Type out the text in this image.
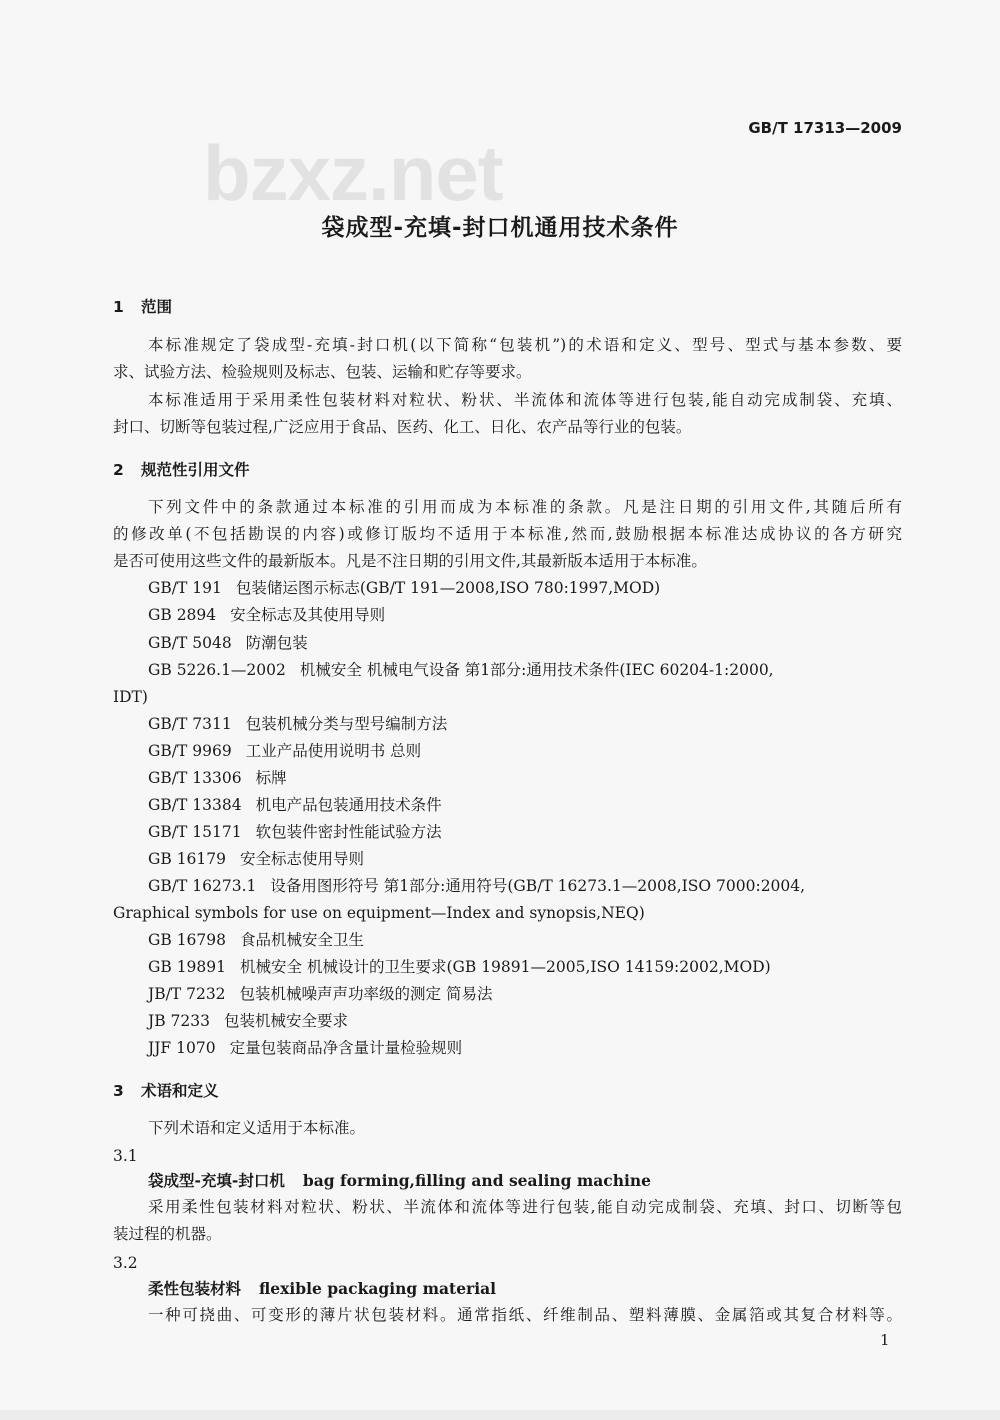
bzxz.net
GB/T 17313—2009
袋成型-充填-封口机通用技术条件
1 范围
本标准规定了袋成型-充填-封口机(以下简称“包装机”)的术语和定义、型号、型式与基本参数、要
求、试验方法、检验规则及标志、包装、运输和贮存等要求。
本标准适用于采用柔性包装材料对粒状、粉状、半流体和流体等进行包装,能自动完成制袋、充填、
封口、切断等包装过程,广泛应用于食品、医药、化工、日化、农产品等行业的包装。
2 规范性引用文件
下列文件中的条款通过本标准的引用而成为本标准的条款。凡是注日期的引用文件,其随后所有
的修改单(不包括勘误的内容)或修订版均不适用于本标准,然而,鼓励根据本标准达成协议的各方研究
是否可使用这些文件的最新版本。凡是不注日期的引用文件,其最新版本适用于本标准。
GB/T 191 包装储运图示标志(GB/T 191—2008,ISO 780:1997,MOD)
GB 2894 安全标志及其使用导则
GB/T 5048 防潮包装
GB 5226.1—2002 机械安全 机械电气设备 第1部分:通用技术条件(IEC 60204-1:2000,
IDT)
GB/T 7311 包装机械分类与型号编制方法
GB/T 9969 工业产品使用说明书 总则
GB/T 13306 标牌
GB/T 13384 机电产品包装通用技术条件
GB/T 15171 软包装件密封性能试验方法
GB 16179 安全标志使用导则
GB/T 16273.1 设备用图形符号 第1部分:通用符号(GB/T 16273.1—2008,ISO 7000:2004,
Graphical symbols for use on equipment—Index and synopsis,NEQ)
GB 16798 食品机械安全卫生
GB 19891 机械安全 机械设计的卫生要求(GB 19891—2005,ISO 14159:2002,MOD)
JB/T 7232 包装机械噪声声功率级的测定 简易法
JB 7233 包装机械安全要求
JJF 1070 定量包装商品净含量计量检验规则
3 术语和定义
下列术语和定义适用于本标准。
3.1
袋成型-充填-封口机 bag forming,filling and sealing machine
采用柔性包装材料对粒状、粉状、半流体和流体等进行包装,能自动完成制袋、充填、封口、切断等包
装过程的机器。
3.2
柔性包装材料 flexible packaging material
一种可挠曲、可变形的薄片状包装材料。通常指纸、纤维制品、塑料薄膜、金属箔或其复合材料等。
1
